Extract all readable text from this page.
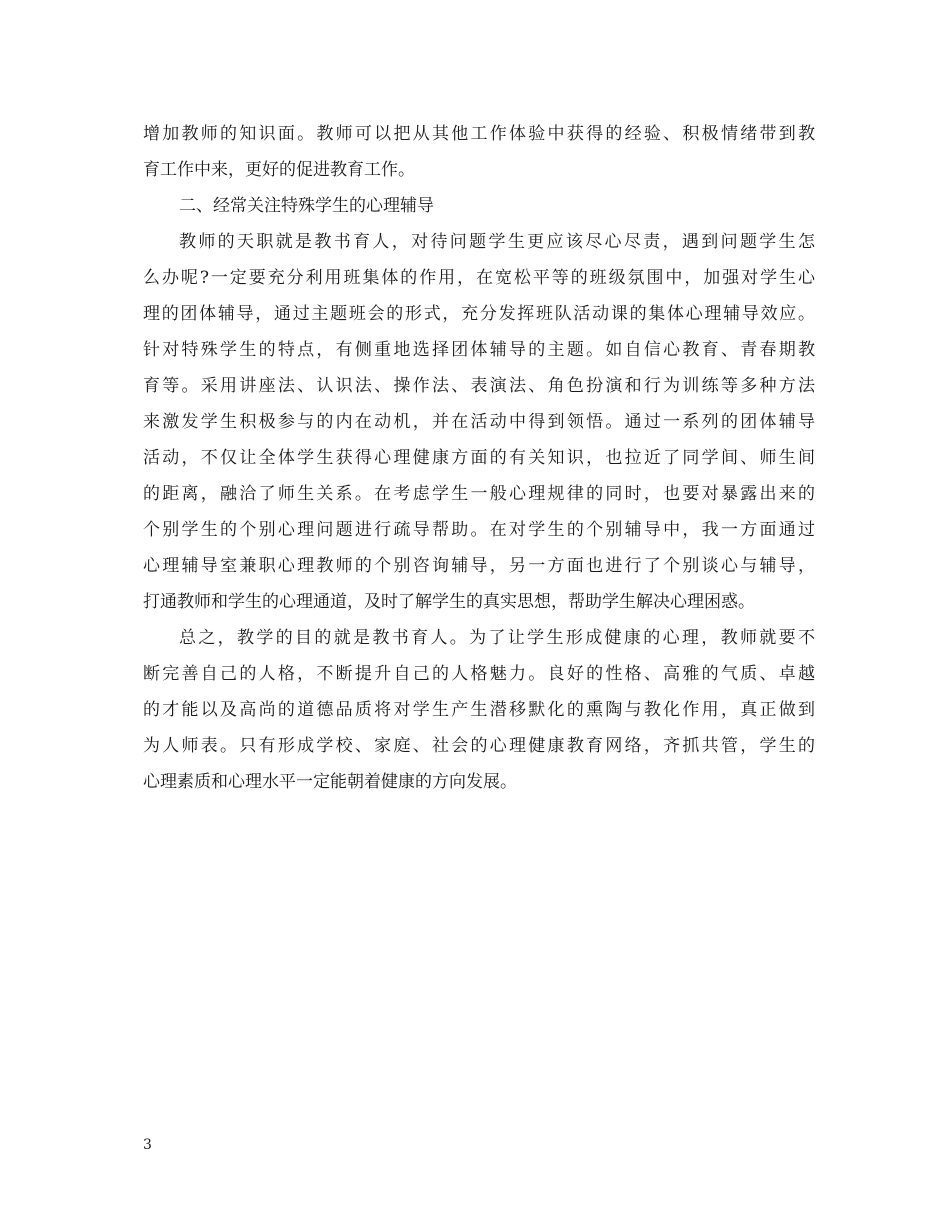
增加教师的知识面。教师可以把从其他工作体验中获得的经验、积极情绪带到教
育工作中来，更好的促进教育工作。
二、经常关注特殊学生的心理辅导
教师的天职就是教书育人，对待问题学生更应该尽心尽责，遇到问题学生怎
么办呢?一定要充分利用班集体的作用，在宽松平等的班级氛围中，加强对学生心
理的团体辅导，通过主题班会的形式，充分发挥班队活动课的集体心理辅导效应。
针对特殊学生的特点，有侧重地选择团体辅导的主题。如自信心教育、青春期教
育等。采用讲座法、认识法、操作法、表演法、角色扮演和行为训练等多种方法
来激发学生积极参与的内在动机，并在活动中得到领悟。通过一系列的团体辅导
活动，不仅让全体学生获得心理健康方面的有关知识，也拉近了同学间、师生间
的距离，融洽了师生关系。在考虑学生一般心理规律的同时，也要对暴露出来的
个别学生的个别心理问题进行疏导帮助。在对学生的个别辅导中，我一方面通过
心理辅导室兼职心理教师的个别咨询辅导，另一方面也进行了个别谈心与辅导，
打通教师和学生的心理通道，及时了解学生的真实思想，帮助学生解决心理困惑。
总之，教学的目的就是教书育人。为了让学生形成健康的心理，教师就要不
断完善自己的人格，不断提升自己的人格魅力。良好的性格、高雅的气质、卓越
的才能以及高尚的道德品质将对学生产生潜移默化的熏陶与教化作用，真正做到
为人师表。只有形成学校、家庭、社会的心理健康教育网络，齐抓共管，学生的
心理素质和心理水平一定能朝着健康的方向发展。
3
